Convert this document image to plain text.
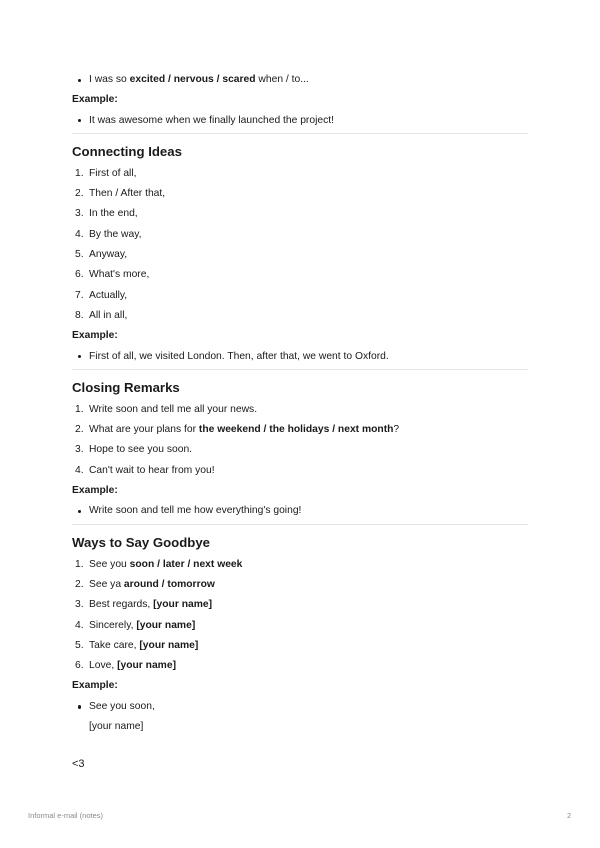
I was so excited / nervous / scared when / to...
Example:
It was awesome when we finally launched the project!
Connecting Ideas
1. First of all,
2. Then / After that,
3. In the end,
4. By the way,
5. Anyway,
6. What's more,
7. Actually,
8. All in all,
Example:
First of all, we visited London. Then, after that, we went to Oxford.
Closing Remarks
1. Write soon and tell me all your news.
2. What are your plans for the weekend / the holidays / next month?
3. Hope to see you soon.
4. Can't wait to hear from you!
Example:
Write soon and tell me how everything's going!
Ways to Say Goodbye
1. See you soon / later / next week
2. See ya around / tomorrow
3. Best regards, [your name]
4. Sincerely, [your name]
5. Take care, [your name]
6. Love, [your name]
Example:
See you soon,
[your name]
<3
Informal e-mail (notes)	2
